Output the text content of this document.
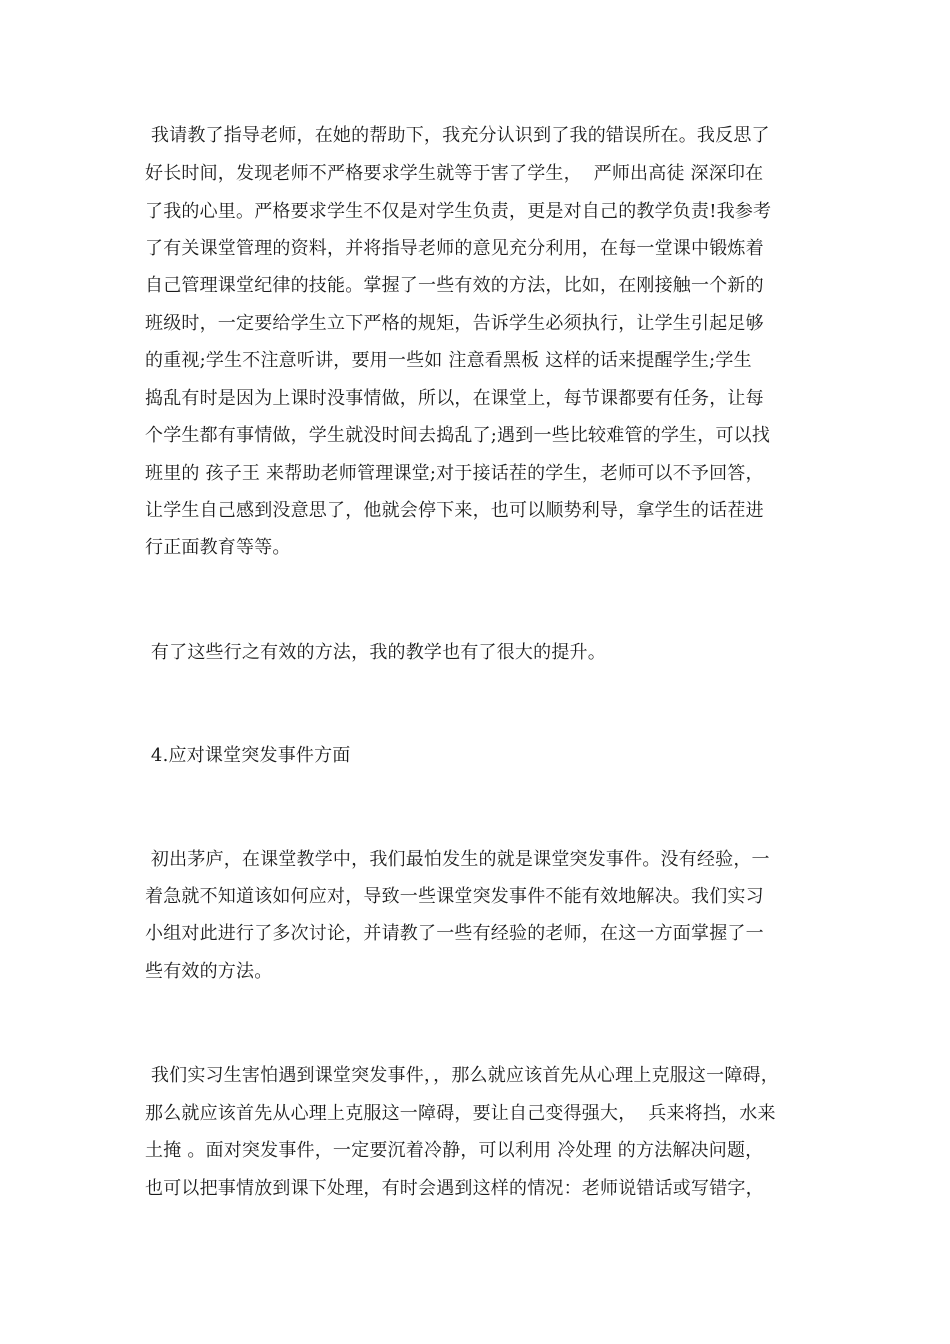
我请教了指导老师，在她的帮助下，我充分认识到了我的错误所在。我反思了
好长时间，发现老师不严格要求学生就等于害了学生，  严师出高徒 深深印在
了我的心里。严格要求学生不仅是对学生负责，更是对自己的教学负责!我参考
了有关课堂管理的资料，并将指导老师的意见充分利用，在每一堂课中锻炼着
自己管理课堂纪律的技能。掌握了一些有效的方法，比如，在刚接触一个新的
班级时，一定要给学生立下严格的规矩，告诉学生必须执行，让学生引起足够
的重视;学生不注意听讲，要用一些如 注意看黑板 这样的话来提醒学生;学生
捣乱有时是因为上课时没事情做，所以，在课堂上，每节课都要有任务，让每
个学生都有事情做，学生就没时间去捣乱了;遇到一些比较难管的学生，可以找
班里的 孩子王 来帮助老师管理课堂;对于接话茬的学生，老师可以不予回答，
让学生自己感到没意思了，他就会停下来，也可以顺势利导，拿学生的话茬进
行正面教育等等。
有了这些行之有效的方法，我的教学也有了很大的提升。
4.应对课堂突发事件方面
初出茅庐，在课堂教学中，我们最怕发生的就是课堂突发事件。没有经验，一
着急就不知道该如何应对，导致一些课堂突发事件不能有效地解决。我们实习
小组对此进行了多次讨论，并请教了一些有经验的老师，在这一方面掌握了一
些有效的方法。
我们实习生害怕遇到课堂突发事件，，那么就应该首先从心理上克服这一障碍，
那么就应该首先从心理上克服这一障碍，要让自己变得强大，  兵来将挡，水来
土掩 。面对突发事件，一定要沉着冷静，可以利用 冷处理 的方法解决问题，
也可以把事情放到课下处理，有时会遇到这样的情况：老师说错话或写错字，
